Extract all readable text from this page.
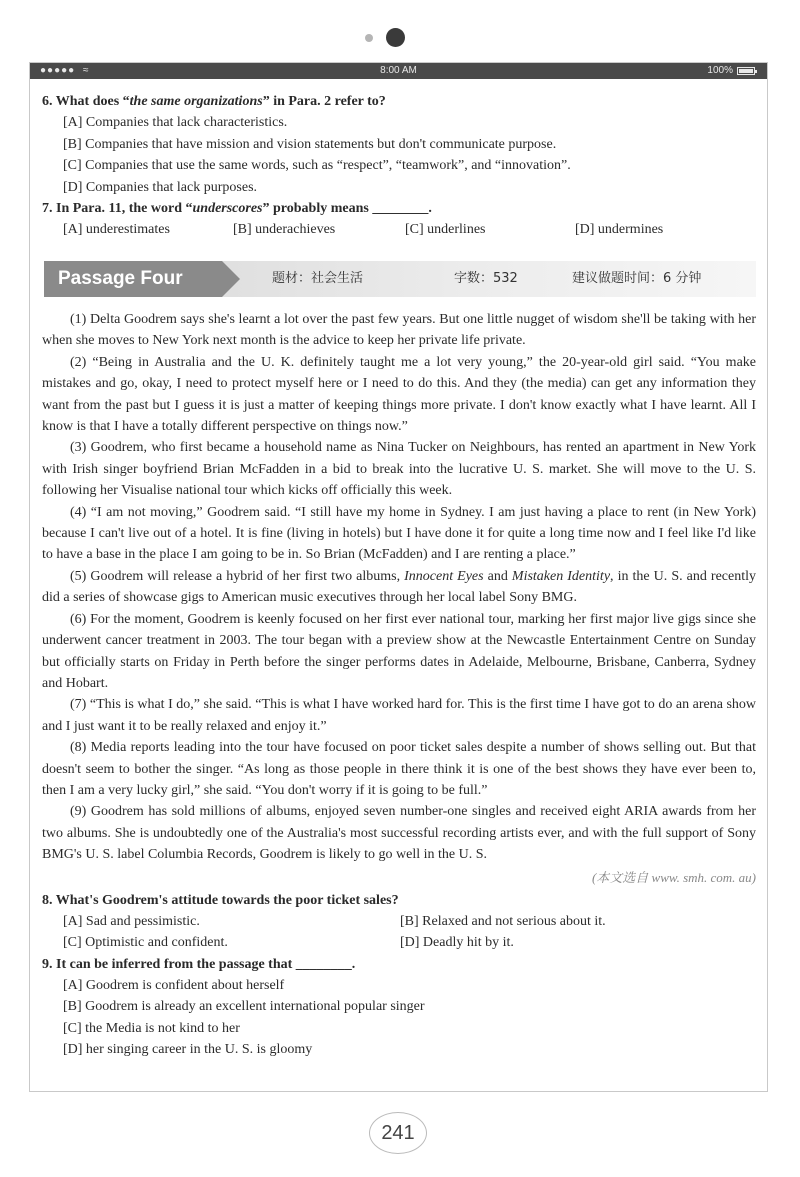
●●●●● ≈	8:00 AM	100%

6. What does “the same organizations” in Para. 2 refer to?

[A] Companies that lack characteristics.

[B] Companies that have mission and vision statements but don't communicate purpose.

[C] Companies that use the same words, such as “respect”, “teamwork”, and “innovation”.

[D] Companies that lack purposes.

7. In Para. 11, the word “underscores” probably means ________.

[A] underestimates	[B] underachieves	[C] underlines	[D] undermines
Passage Four	题材：社会生活	字数：532	建议做题时间：6 分钟

(1) Delta Goodrem says she's learnt a lot over the past few years. But one little nugget of wisdom she'll be taking with her when she moves to New York next month is the advice to keep her private life private.

(2) “Being in Australia and the U. K. definitely taught me a lot very young,” the 20-year-old girl said. “You make mistakes and go, okay, I need to protect myself here or I need to do this. And they (the media) can get any information they want from the past but I guess it is just a matter of keeping things more private. I don't know exactly what I have learnt. All I know is that I have a totally different perspective on things now.”

(3) Goodrem, who first became a household name as Nina Tucker on Neighbours, has rented an apartment in New York with Irish singer boyfriend Brian McFadden in a bid to break into the lucrative U. S. market. She will move to the U. S. following her Visualise national tour which kicks off officially this week.

(4) “I am not moving,” Goodrem said. “I still have my home in Sydney. I am just having a place to rent (in New York) because I can't live out of a hotel. It is fine (living in hotels) but I have done it for quite a long time now and I feel like I'd like to have a base in the place I am going to be in. So Brian (McFadden) and I are renting a place.”

(5) Goodrem will release a hybrid of her first two albums, Innocent Eyes and Mistaken Identity, in the U. S. and recently did a series of showcase gigs to American music executives through her local label Sony BMG.

(6) For the moment, Goodrem is keenly focused on her first ever national tour, marking her first major live gigs since she underwent cancer treatment in 2003. The tour began with a preview show at the Newcastle Entertainment Centre on Sunday but officially starts on Friday in Perth before the singer performs dates in Adelaide, Melbourne, Brisbane, Canberra, Sydney and Hobart.

(7) “This is what I do,” she said. “This is what I have worked hard for. This is the first time I have got to do an arena show and I just want it to be really relaxed and enjoy it.”

(8) Media reports leading into the tour have focused on poor ticket sales despite a number of shows selling out. But that doesn't seem to bother the singer. “As long as those people in there think it is one of the best shows they have ever been to, then I am a very lucky girl,” she said. “You don't worry if it is going to be full.”

(9) Goodrem has sold millions of albums, enjoyed seven number-one singles and received eight ARIA awards from her two albums. She is undoubtedly one of the Australia's most successful recording artists ever, and with the full support of Sony BMG's U. S. label Columbia Records, Goodrem is likely to go well in the U. S.

(本文选自 www. smh. com. au)

8. What's Goodrem's attitude towards the poor ticket sales?

[A] Sad and pessimistic.	[B] Relaxed and not serious about it.
[C] Optimistic and confident.	[D] Deadly hit by it.

9. It can be inferred from the passage that ________.

[A] Goodrem is confident about herself

[B] Goodrem is already an excellent international popular singer

[C] the Media is not kind to her

[D] her singing career in the U. S. is gloomy

241
